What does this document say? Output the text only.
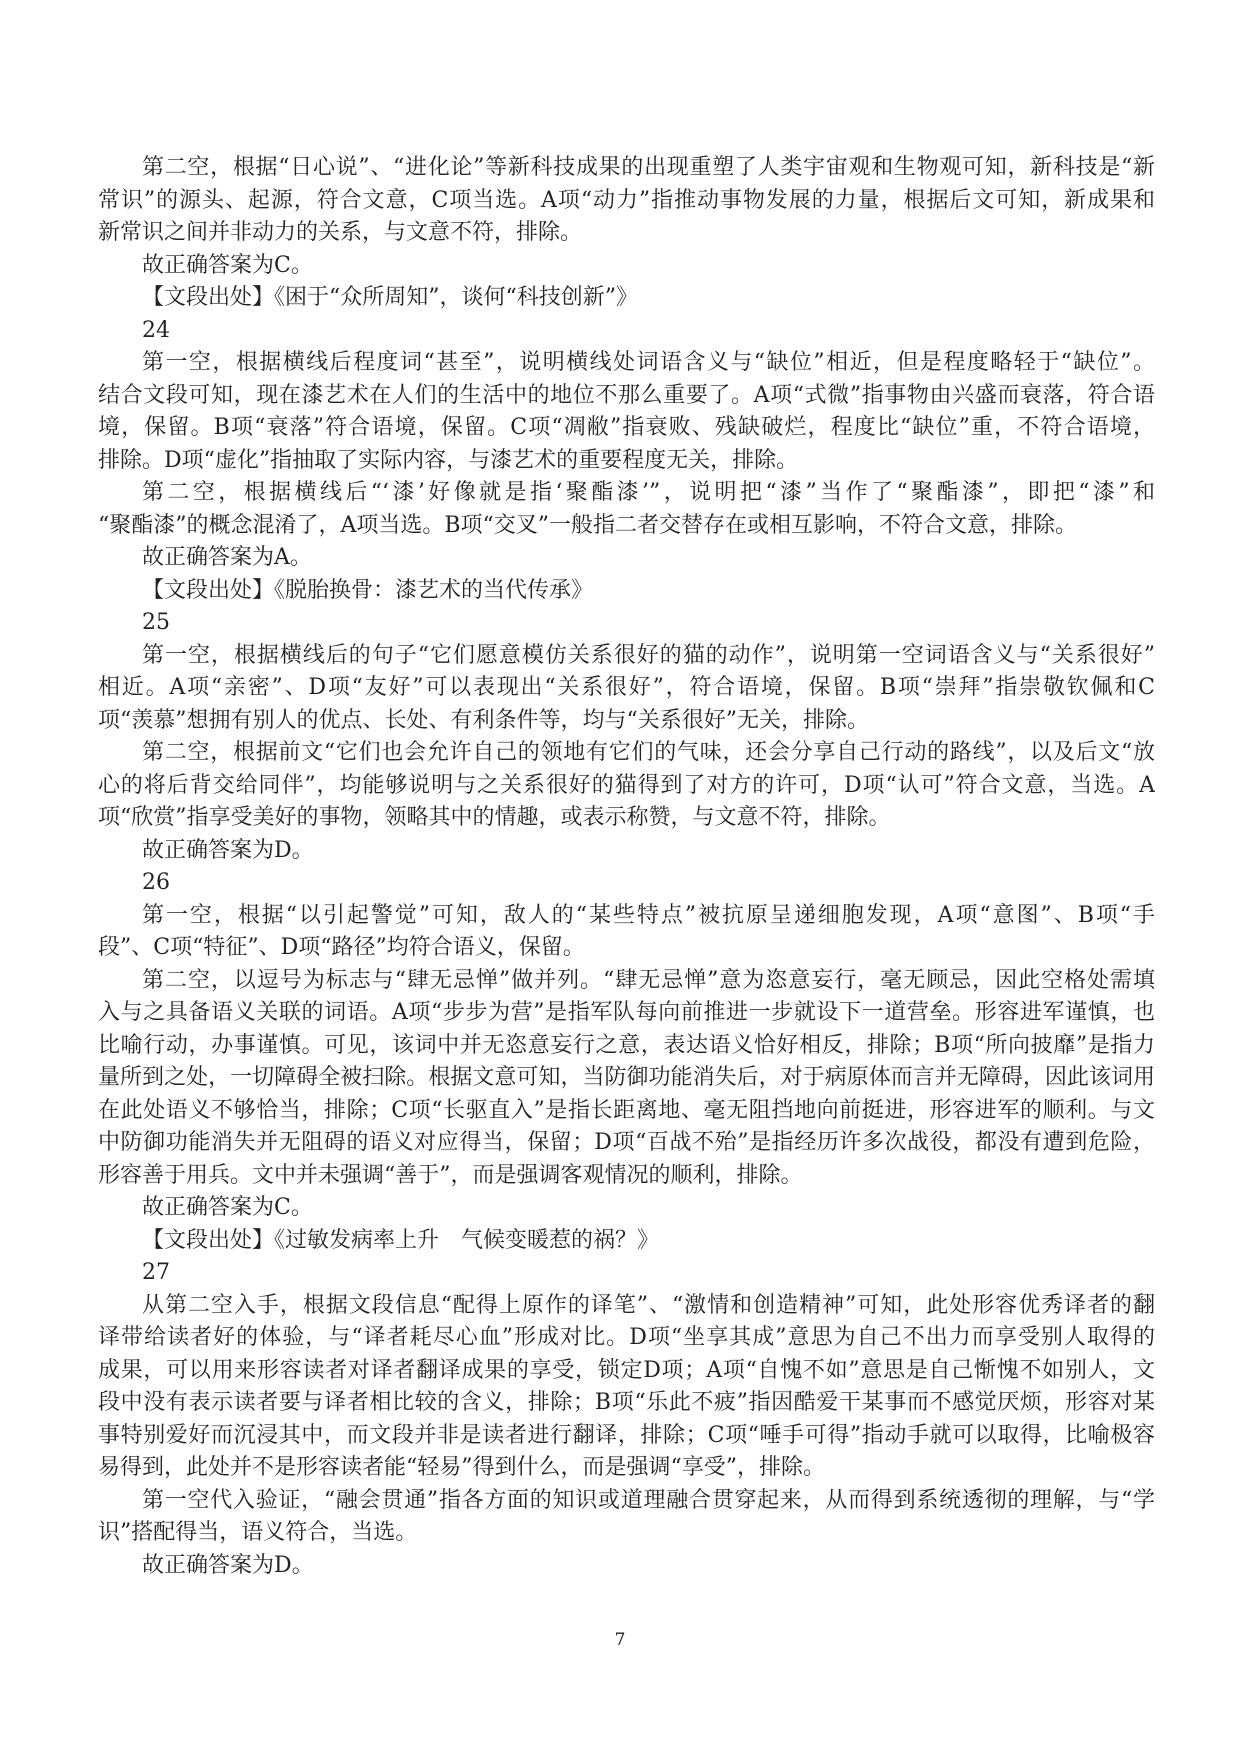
第二空，根据“日心说”、“进化论”等新科技成果的出现重塑了人类宇宙观和生物观可知，新科技是“新
常识”的源头、起源，符合文意，C项当选。A项“动力”指推动事物发展的力量，根据后文可知，新成果和
新常识之间并非动力的关系，与文意不符，排除。
故正确答案为C。
【文段出处】《困于“众所周知”，谈何“科技创新”》
24
第一空，根据横线后程度词“甚至”，说明横线处词语含义与“缺位”相近，但是程度略轻于“缺位”。
结合文段可知，现在漆艺术在人们的生活中的地位不那么重要了。A项“式微”指事物由兴盛而衰落，符合语
境，保留。B项“衰落”符合语境，保留。C项“凋敝”指衰败、残缺破烂，程度比“缺位”重，不符合语境，
排除。D项“虚化”指抽取了实际内容，与漆艺术的重要程度无关，排除。
第二空，根据横线后“‘漆’好像就是指‘聚酯漆’”，说明把“漆”当作了“聚酯漆”，即把“漆”和
“聚酯漆”的概念混淆了，A项当选。B项“交叉”一般指二者交替存在或相互影响，不符合文意，排除。
故正确答案为A。
【文段出处】《脱胎换骨：漆艺术的当代传承》
25
第一空，根据横线后的句子“它们愿意模仿关系很好的猫的动作”，说明第一空词语含义与“关系很好”
相近。A项“亲密”、D项“友好”可以表现出“关系很好”，符合语境，保留。B项“崇拜”指崇敬钦佩和C
项“羡慕”想拥有别人的优点、长处、有利条件等，均与“关系很好”无关，排除。
第二空，根据前文“它们也会允许自己的领地有它们的气味，还会分享自己行动的路线”，以及后文“放
心的将后背交给同伴”，均能够说明与之关系很好的猫得到了对方的许可，D项“认可”符合文意，当选。A
项“欣赏”指享受美好的事物，领略其中的情趣，或表示称赞，与文意不符，排除。
故正确答案为D。
26
第一空，根据“以引起警觉”可知，敌人的“某些特点”被抗原呈递细胞发现，A项“意图”、B项“手
段”、C项“特征”、D项“路径”均符合语义，保留。
第二空，以逗号为标志与“肆无忌惮”做并列。“肆无忌惮”意为恣意妄行，毫无顾忌，因此空格处需填
入与之具备语义关联的词语。A项“步步为营”是指军队每向前推进一步就设下一道营垒。形容进军谨慎，也
比喻行动，办事谨慎。可见，该词中并无恣意妄行之意，表达语义恰好相反，排除；B项“所向披靡”是指力
量所到之处，一切障碍全被扫除。根据文意可知，当防御功能消失后，对于病原体而言并无障碍，因此该词用
在此处语义不够恰当，排除；C项“长驱直入”是指长距离地、毫无阻挡地向前挺进，形容进军的顺利。与文
中防御功能消失并无阻碍的语义对应得当，保留；D项“百战不殆”是指经历许多次战役，都没有遭到危险，
形容善于用兵。文中并未强调“善于”，而是强调客观情况的顺利，排除。
故正确答案为C。
【文段出处】《过敏发病率上升　气候变暖惹的祸？》
27
从第二空入手，根据文段信息“配得上原作的译笔”、“激情和创造精神”可知，此处形容优秀译者的翻
译带给读者好的体验，与“译者耗尽心血”形成对比。D项“坐享其成”意思为自己不出力而享受别人取得的
成果，可以用来形容读者对译者翻译成果的享受，锁定D项；A项“自愧不如”意思是自己惭愧不如别人，文
段中没有表示读者要与译者相比较的含义，排除；B项“乐此不疲”指因酷爱干某事而不感觉厌烦，形容对某
事特别爱好而沉浸其中，而文段并非是读者进行翻译，排除；C项“唾手可得”指动手就可以取得，比喻极容
易得到，此处并不是形容读者能“轻易”得到什么，而是强调“享受”，排除。
第一空代入验证，“融会贯通”指各方面的知识或道理融合贯穿起来，从而得到系统透彻的理解，与“学
识”搭配得当，语义符合，当选。
故正确答案为D。
7
